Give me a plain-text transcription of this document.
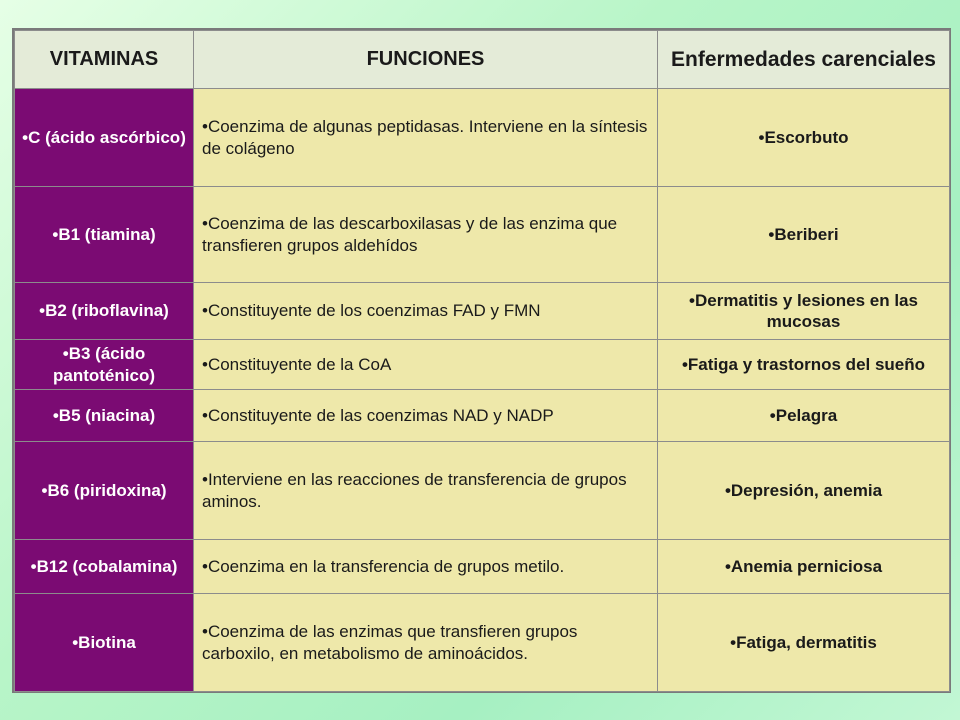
VITAMINAS	FUNCIONES	Enfermedades carenciales
• C (ácido ascórbico)	• Coenzima de algunas peptidasas. Interviene en la síntesis de colágeno	• Escorbuto
• B1 (tiamina)	• Coenzima de las descarboxilasas y de las enzima que transfieren grupos aldehídos	• Beriberi
• B2 (riboflavina)	• Constituyente de los coenzimas FAD y FMN	• Dermatitis y lesiones en las mucosas
• B3 (ácido pantoténico)	• Constituyente de la CoA	• Fatiga y trastornos del sueño
• B5 (niacina)	• Constituyente de las coenzimas NAD y NADP	• Pelagra
• B6 (piridoxina)	• Interviene en las reacciones de transferencia de grupos aminos.	• Depresión, anemia
• B12 (cobalamina)	• Coenzima en la transferencia de grupos metilo.	• Anemia perniciosa
• Biotina	• Coenzima de las enzimas que transfieren grupos carboxilo, en metabolismo de aminoácidos.	• Fatiga, dermatitis
